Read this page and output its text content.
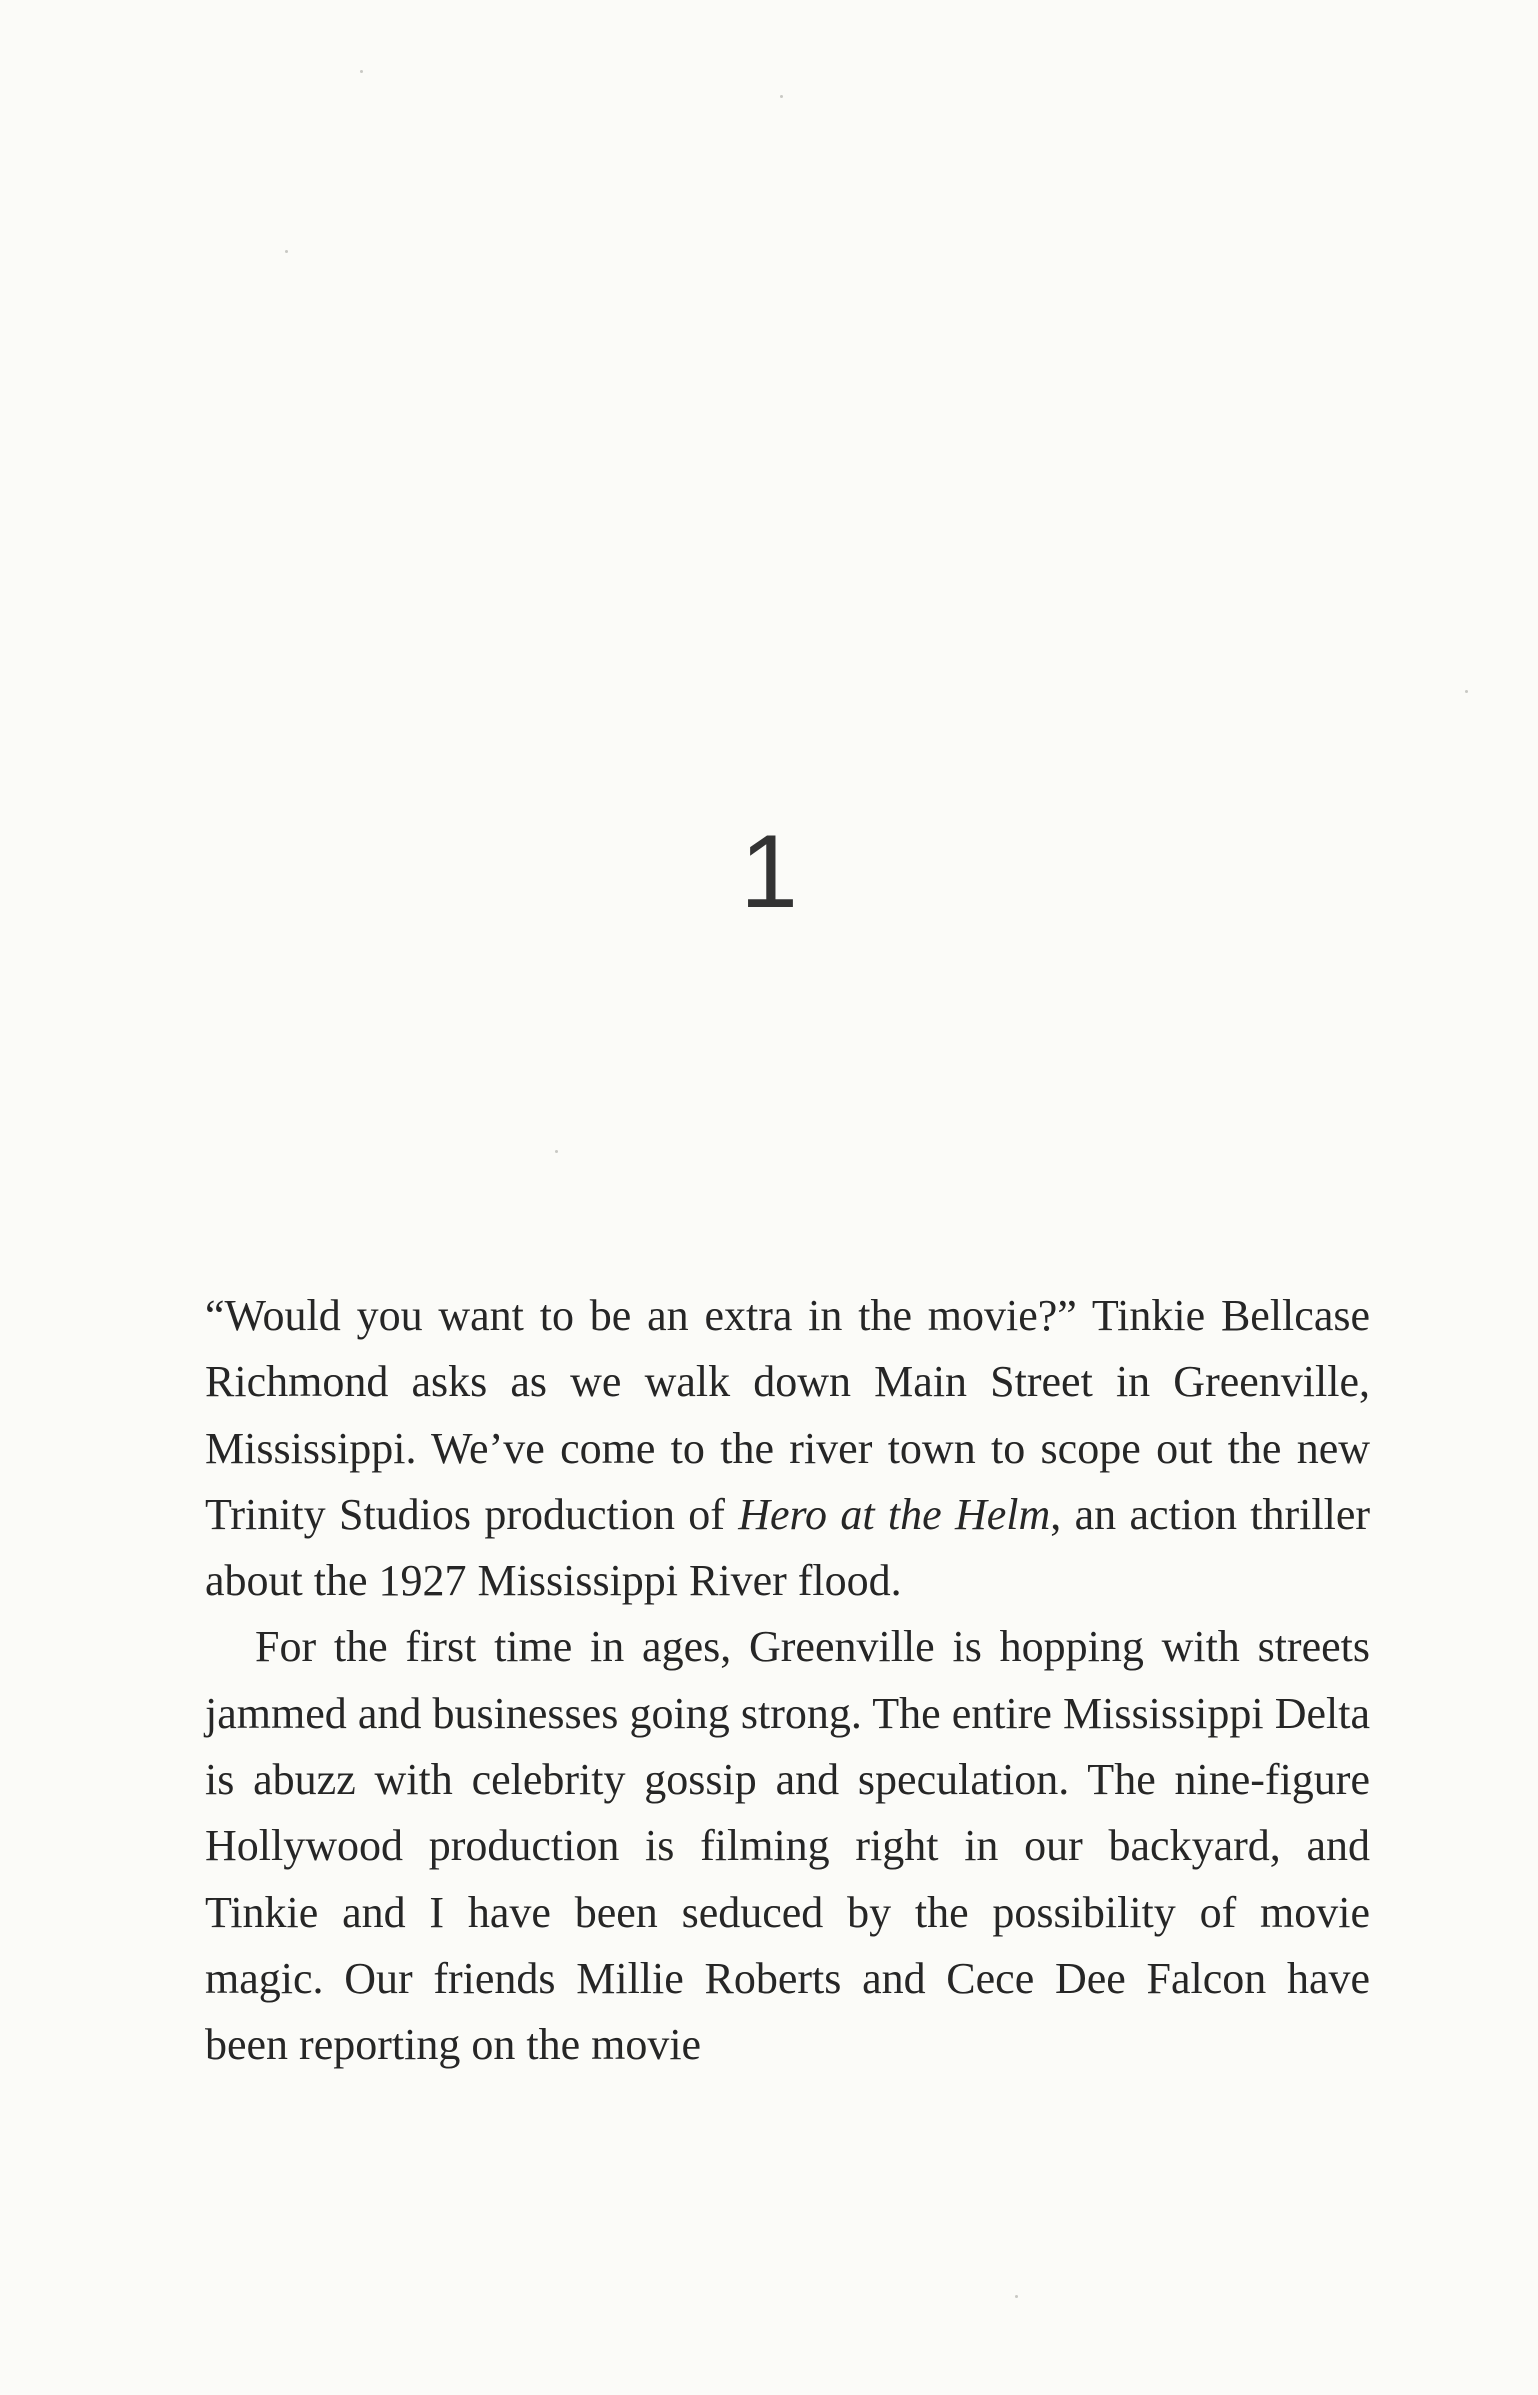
1

“Would you want to be an extra in the movie?” Tinkie Bellcase Richmond asks as we walk down Main Street in Greenville, Mississippi. We’ve come to the river town to scope out the new Trinity Studios production of Hero at the Helm, an action thriller about the 1927 Mississippi River flood.

For the first time in ages, Greenville is hopping with streets jammed and businesses going strong. The entire Mississippi Delta is abuzz with celebrity gossip and speculation. The nine-figure Hollywood production is filming right in our backyard, and Tinkie and I have been seduced by the possibility of movie magic. Our friends Millie Roberts and Cece Dee Falcon have been reporting on the movie
